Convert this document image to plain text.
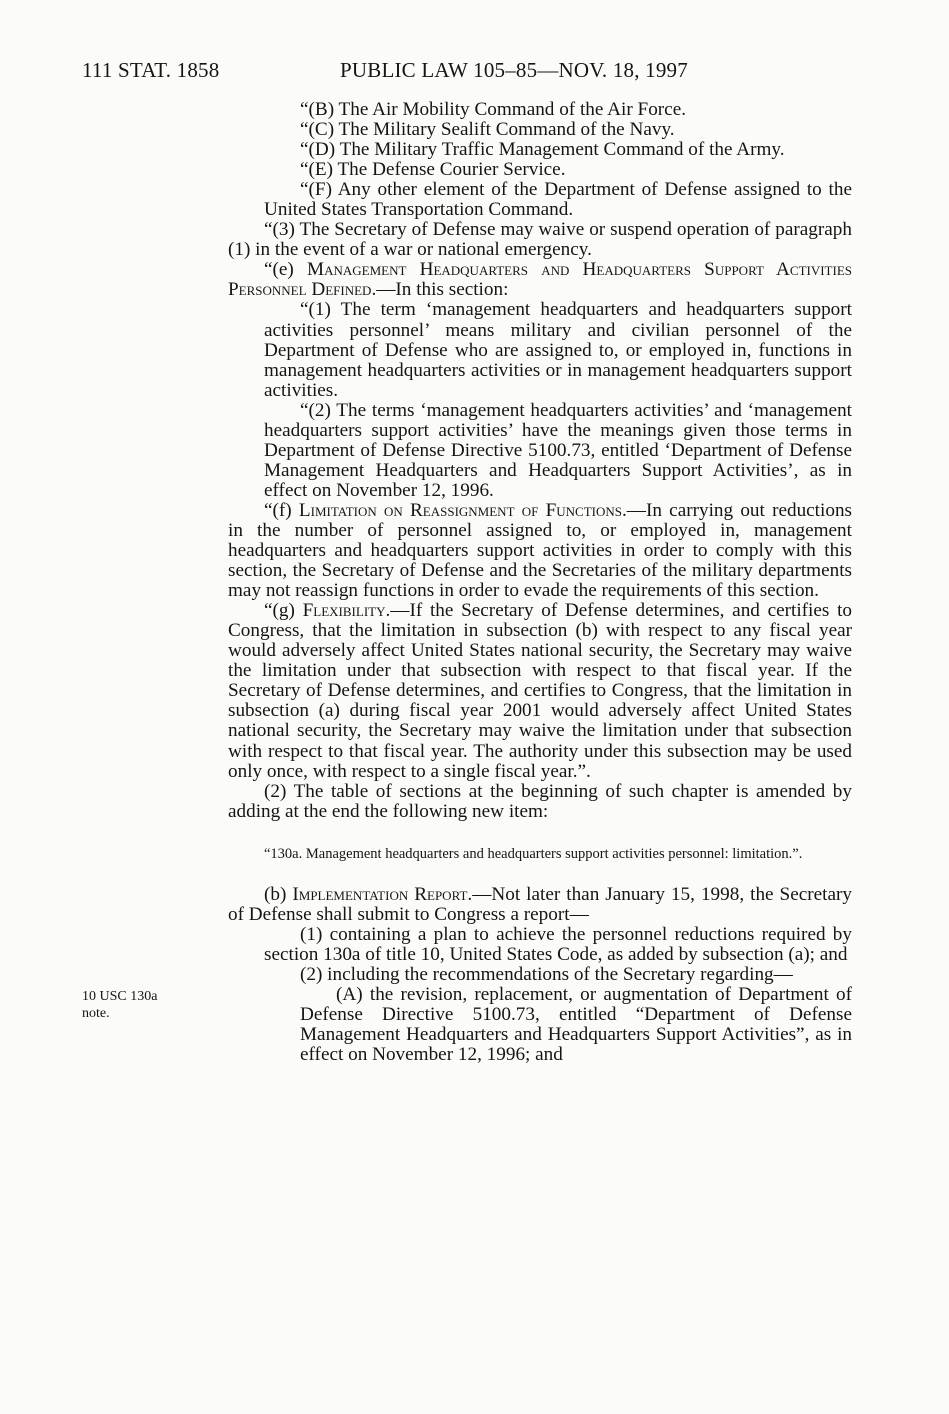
111 STAT. 1858	PUBLIC LAW 105–85—NOV. 18, 1997
10 USC 130a
note.

“(B) The Air Mobility Command of the Air Force.

“(C) The Military Sealift Command of the Navy.

“(D) The Military Traffic Management Command of the Army.

“(E) The Defense Courier Service.

“(F) Any other element of the Department of Defense assigned to the United States Transportation Command.

“(3) The Secretary of Defense may waive or suspend operation of paragraph (1) in the event of a war or national emergency.

“(e) Management Headquarters and Headquarters Support Activities Personnel Defined.—In this section:

“(1) The term ‘management headquarters and headquarters support activities personnel’ means military and civilian personnel of the Department of Defense who are assigned to, or employed in, functions in management headquarters activities or in management headquarters support activities.

“(2) The terms ‘management headquarters activities’ and ‘management headquarters support activities’ have the meanings given those terms in Department of Defense Directive 5100.73, entitled ‘Department of Defense Management Headquarters and Headquarters Support Activities’, as in effect on November 12, 1996.

“(f) Limitation on Reassignment of Functions.—In carrying out reductions in the number of personnel assigned to, or employed in, management headquarters and headquarters support activities in order to comply with this section, the Secretary of Defense and the Secretaries of the military departments may not reassign functions in order to evade the requirements of this section.

“(g) Flexibility.—If the Secretary of Defense determines, and certifies to Congress, that the limitation in subsection (b) with respect to any fiscal year would adversely affect United States national security, the Secretary may waive the limitation under that subsection with respect to that fiscal year. If the Secretary of Defense determines, and certifies to Congress, that the limitation in subsection (a) during fiscal year 2001 would adversely affect United States national security, the Secretary may waive the limitation under that subsection with respect to that fiscal year. The authority under this subsection may be used only once, with respect to a single fiscal year.”.

(2) The table of sections at the beginning of such chapter is amended by adding at the end the following new item:

“130a. Management headquarters and headquarters support activities personnel: limitation.”.

(b) Implementation Report.—Not later than January 15, 1998, the Secretary of Defense shall submit to Congress a report—

(1) containing a plan to achieve the personnel reductions required by section 130a of title 10, United States Code, as added by subsection (a); and

(2) including the recommendations of the Secretary regarding—

(A) the revision, replacement, or augmentation of Department of Defense Directive 5100.73, entitled “Department of Defense Management Headquarters and Headquarters Support Activities”, as in effect on November 12, 1996; and
